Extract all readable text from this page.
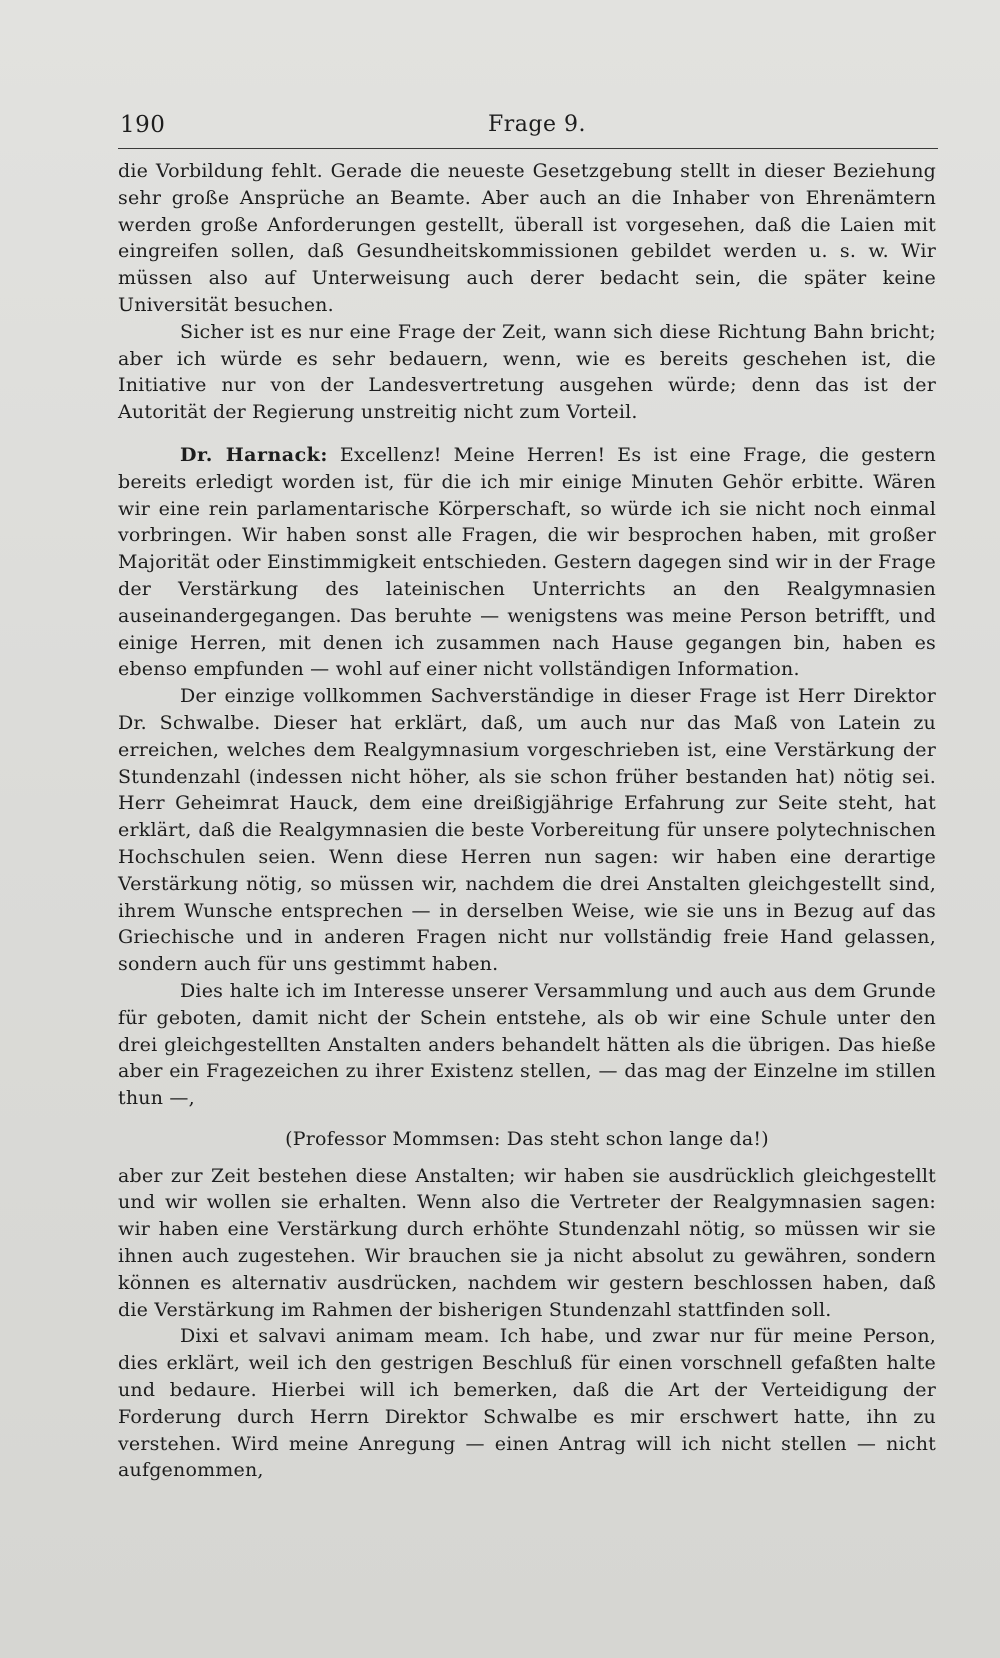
190	Frage 9.

die Vorbildung fehlt. Gerade die neueste Gesetzgebung stellt in dieser Beziehung sehr große Ansprüche an Beamte. Aber auch an die Inhaber von Ehrenämtern werden große Anforderungen gestellt, überall ist vorgesehen, daß die Laien mit eingreifen sollen, daß Gesundheitskommissionen gebildet werden u. s. w. Wir müssen also auf Unterweisung auch derer bedacht sein, die später keine Universität besuchen.

Sicher ist es nur eine Frage der Zeit, wann sich diese Richtung Bahn bricht; aber ich würde es sehr bedauern, wenn, wie es bereits geschehen ist, die Initiative nur von der Landesvertretung ausgehen würde; denn das ist der Autorität der Regierung unstreitig nicht zum Vorteil.

Dr. Harnack: Excellenz! Meine Herren! Es ist eine Frage, die gestern bereits erledigt worden ist, für die ich mir einige Minuten Gehör erbitte. Wären wir eine rein parlamentarische Körperschaft, so würde ich sie nicht noch einmal vorbringen. Wir haben sonst alle Fragen, die wir besprochen haben, mit großer Majorität oder Einstimmigkeit entschieden. Gestern dagegen sind wir in der Frage der Verstärkung des lateinischen Unterrichts an den Realgymnasien auseinandergegangen. Das beruhte — wenigstens was meine Person betrifft, und einige Herren, mit denen ich zusammen nach Hause gegangen bin, haben es ebenso empfunden — wohl auf einer nicht vollständigen Information.

Der einzige vollkommen Sachverständige in dieser Frage ist Herr Direktor Dr. Schwalbe. Dieser hat erklärt, daß, um auch nur das Maß von Latein zu erreichen, welches dem Realgymnasium vorgeschrieben ist, eine Verstärkung der Stundenzahl (indessen nicht höher, als sie schon früher bestanden hat) nötig sei. Herr Geheimrat Hauck, dem eine dreißigjährige Erfahrung zur Seite steht, hat erklärt, daß die Realgymnasien die beste Vorbereitung für unsere polytechnischen Hochschulen seien. Wenn diese Herren nun sagen: wir haben eine derartige Verstärkung nötig, so müssen wir, nachdem die drei Anstalten gleichgestellt sind, ihrem Wunsche entsprechen — in derselben Weise, wie sie uns in Bezug auf das Griechische und in anderen Fragen nicht nur vollständig freie Hand gelassen, sondern auch für uns gestimmt haben.

Dies halte ich im Interesse unserer Versammlung und auch aus dem Grunde für geboten, damit nicht der Schein entstehe, als ob wir eine Schule unter den drei gleichgestellten Anstalten anders behandelt hätten als die übrigen. Das hieße aber ein Fragezeichen zu ihrer Existenz stellen, — das mag der Einzelne im stillen thun —,

(Professor Mommsen: Das steht schon lange da!)

aber zur Zeit bestehen diese Anstalten; wir haben sie ausdrücklich gleichgestellt und wir wollen sie erhalten. Wenn also die Vertreter der Realgymnasien sagen: wir haben eine Verstärkung durch erhöhte Stundenzahl nötig, so müssen wir sie ihnen auch zugestehen. Wir brauchen sie ja nicht absolut zu gewähren, sondern können es alternativ ausdrücken, nachdem wir gestern beschlossen haben, daß die Verstärkung im Rahmen der bisherigen Stundenzahl stattfinden soll.

Dixi et salvavi animam meam. Ich habe, und zwar nur für meine Person, dies erklärt, weil ich den gestrigen Beschluß für einen vorschnell gefaßten halte und bedaure. Hierbei will ich bemerken, daß die Art der Verteidigung der Forderung durch Herrn Direktor Schwalbe es mir erschwert hatte, ihn zu verstehen. Wird meine Anregung — einen Antrag will ich nicht stellen — nicht aufgenommen,
